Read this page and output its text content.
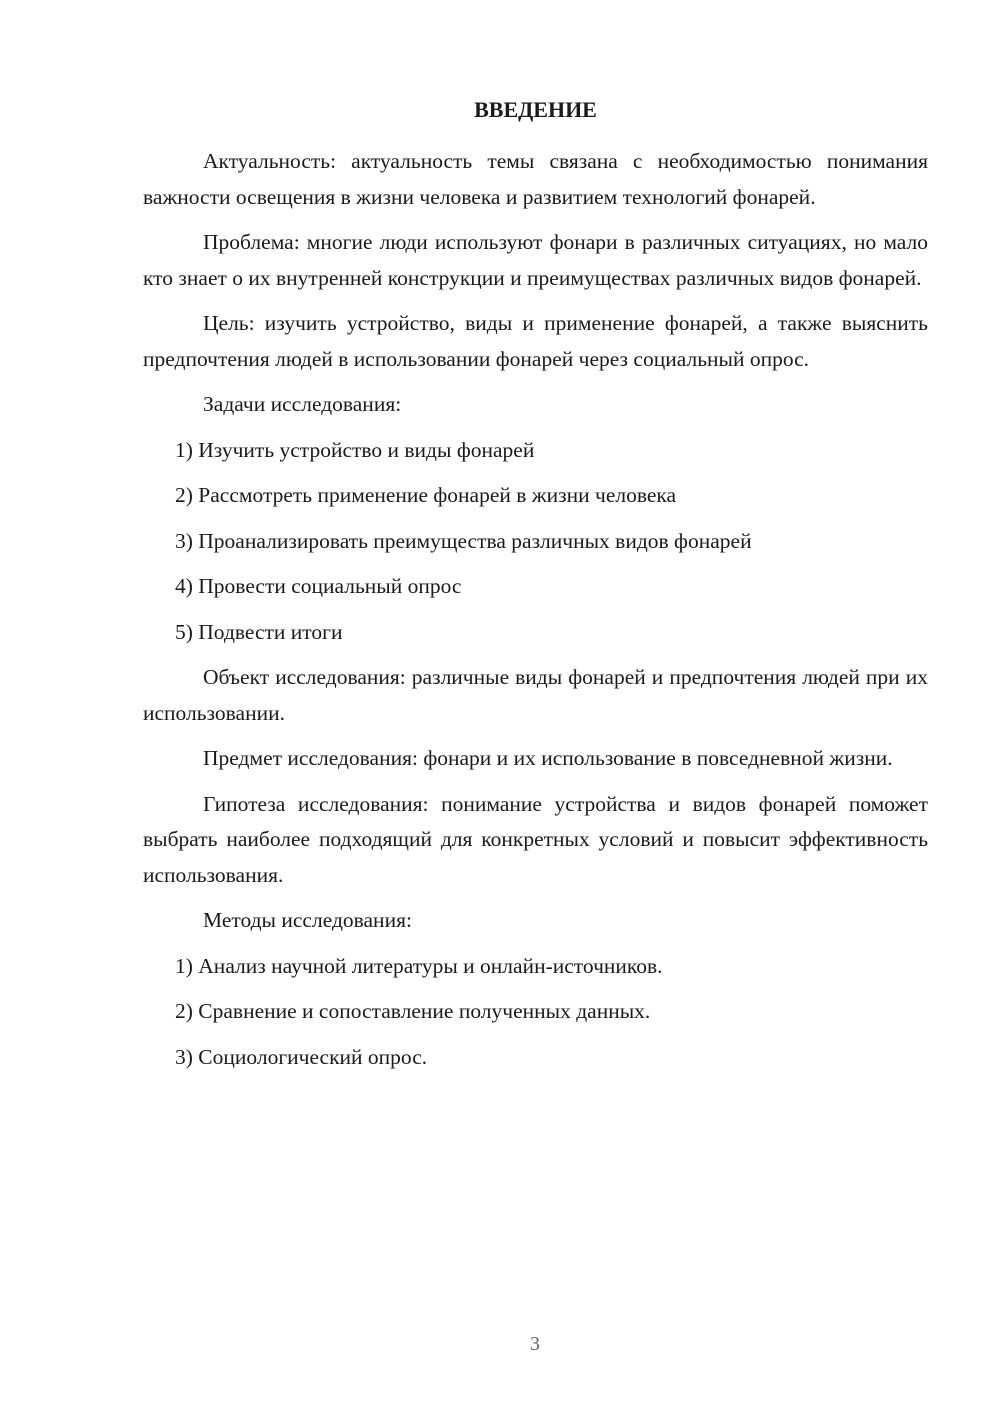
ВВЕДЕНИЕ

Актуальность: актуальность темы связана с необходимостью понимания важности освещения в жизни человека и развитием технологий фонарей.

Проблема: многие люди используют фонари в различных ситуациях, но мало кто знает о их внутренней конструкции и преимуществах различных видов фонарей.

Цель: изучить устройство, виды и применение фонарей, а также выяснить предпочтения людей в использовании фонарей через социальный опрос.

Задачи исследования:

1) Изучить устройство и виды фонарей
2) Рассмотреть применение фонарей в жизни человека
3) Проанализировать преимущества различных видов фонарей
4) Провести социальный опрос
5) Подвести итоги

Объект исследования: различные виды фонарей и предпочтения людей при их использовании.

Предмет исследования: фонари и их использование в повседневной жизни.

Гипотеза исследования: понимание устройства и видов фонарей поможет выбрать наиболее подходящий для конкретных условий и повысит эффективность использования.

Методы исследования:

1) Анализ научной литературы и онлайн-источников.
2) Сравнение и сопоставление полученных данных.
3) Социологический опрос.
3
